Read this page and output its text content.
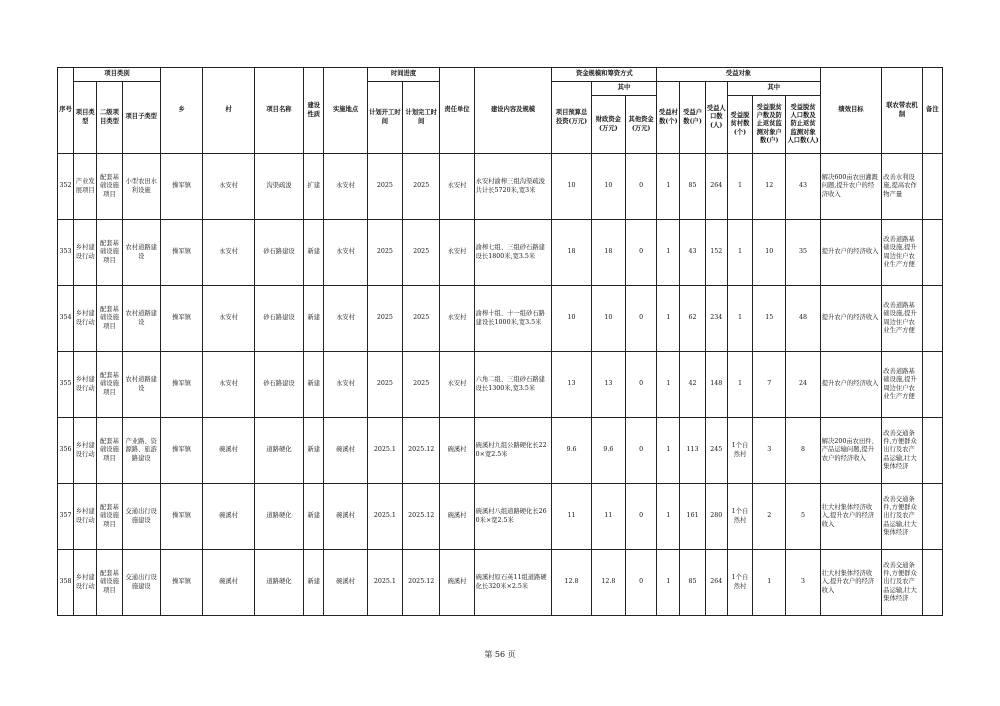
序号	项目类别			乡	村	项目名称	建设性质	实施地点	时间进度		责任单位	建设内容及规模	资金规模和筹资方式			受益对象						绩效目标	联农带农机制	备注
	项目类型	二级项目类型	项目子类型						计划开工时间	计划完工时间			项目预算总投资(万元)	其中		受益村数(个)	受益户数(户)	受益人口数(人)	其中					
														财政资金(万元)	其他资金(万元)				受益脱贫村数(个)	受益脱贫户数及防止返贫监测对象户数(户)	受益脱贫人口数及防止返贫监测对象人口数(人)			
352	产业发展项目	配套基础设施项目	小型农田水利设施	操军镇	永安村	沟渠疏浚	扩建	永安村	2025	2025	永安村	永安村渝榨三组沟渠疏浚共计长5720米,宽3米	10	10	0	1	85	264	1	12	43	解决600亩农田灌溉问题,提升农户的经济收入	改善水利设施,提高农作物产量	
353	乡村建设行动	配套基础设施项目	农村道路建设	操军镇	永安村	砂石路建设	新建	永安村	2025	2025	永安村	渝榨七组、三组砂石路建设长1800米,宽3.5米	18	18	0	1	43	152	1	10	35	提升农户的经济收入	改善道路基础设施,提升周边住户农业生产方便	
354	乡村建设行动	配套基础设施项目	农村道路建设	操军镇	永安村	砂石路建设	新建	永安村	2025	2025	永安村	渝榨十组、十一组砂石路建设长1000米,宽3.5米	10	10	0	1	62	234	1	15	48	提升农户的经济收入	改善道路基础设施,提升周边住户农业生产方便	
355	乡村建设行动	配套基础设施项目	农村道路建设	操军镇	永安村	砂石路建设	新建	永安村	2025	2025	永安村	六角二组、三组砂石路建设长1300米,宽3.5米	13	13	0	1	42	148	1	7	24	提升农户的经济收入	改善道路基础设施,提升周边住户农业生产方便	
356	乡村建设行动	配套基础设施项目	产业路、资源路、旅游路建设	操军镇	碗溪村	道路硬化	新建	碗溪村	2025.1	2025.12	碗溪村	碗溪村九组公路硬化长220×宽2.5米	9.6	9.6	0	1	113	245	1个自然村	3	8	解决200亩农田件、产品运输问题,提升农户的经济收入	改善交通条件,方便群众出行及农产品运输,壮大集体经济	
357	乡村建设行动	配套基础设施项目	交通出行设施建设	操军镇	碗溪村	道路硬化	新建	碗溪村	2025.1	2025.12	碗溪村	碗溪村八组道路硬化长260米×宽2.5米	11	11	0	1	161	280	1个自然村	2	5	壮大村集体经济收入,提升农户的经济收入	改善交通条件,方便群众出行及农产品运输,壮大集体经济	
358	乡村建设行动	配套基础设施项目	交通出行设施建设	操军镇	碗溪村	道路硬化	新建	碗溪村	2025.1	2025.12	碗溪村	碗溪村原石英11组道路硬化长320米×2.5米	12.8	12.8	0	1	85	264	1个自然村	1	3	壮大村集体经济收入,提升农户的经济收入	改善交通条件,方便群众出行及农产品运输,壮大集体经济	
第 56 页
